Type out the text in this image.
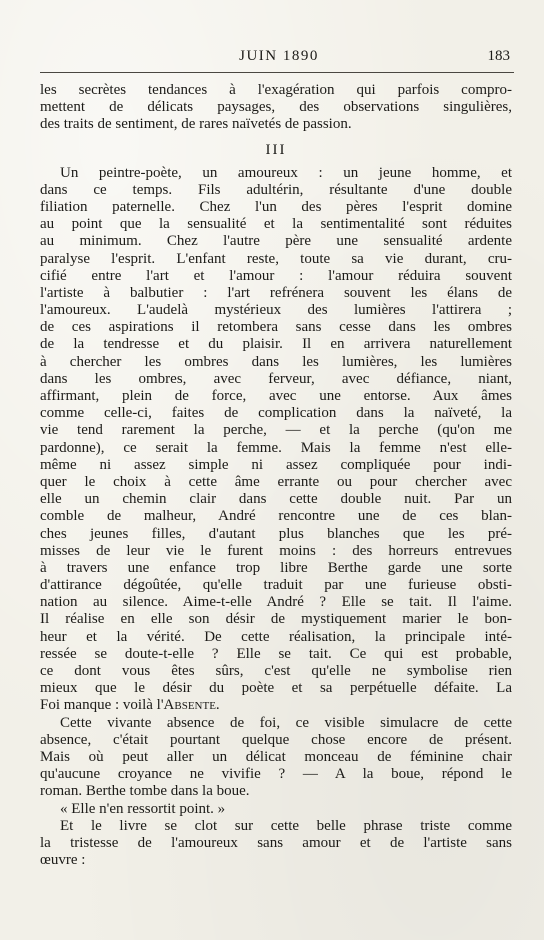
JUIN 1890	183
les secrètes tendances à l'exagération qui parfois compro-
mettent de délicats paysages, des observations singulières,
des traits de sentiment, de rares naïvetés de passion.
III
Un peintre-poète, un amoureux : un jeune homme, et
dans ce temps. Fils adultérin, résultante d'une double
filiation paternelle. Chez l'un des pères l'esprit domine
au point que la sensualité et la sentimentalité sont réduites
au minimum. Chez l'autre père une sensualité ardente
paralyse l'esprit. L'enfant reste, toute sa vie durant, cru-
cifié entre l'art et l'amour : l'amour réduira souvent
l'artiste à balbutier : l'art refrénera souvent les élans de
l'amoureux. L'audelà mystérieux des lumières l'attirera ;
de ces aspirations il retombera sans cesse dans les ombres
de la tendresse et du plaisir. Il en arrivera naturellement
à chercher les ombres dans les lumières, les lumières
dans les ombres, avec ferveur, avec défiance, niant,
affirmant, plein de force, avec une entorse. Aux âmes
comme celle-ci, faites de complication dans la naïveté, la
vie tend rarement la perche, — et la perche (qu'on me
pardonne), ce serait la femme. Mais la femme n'est elle-
même ni assez simple ni assez compliquée pour indi-
quer le choix à cette âme errante ou pour chercher avec
elle un chemin clair dans cette double nuit. Par un
comble de malheur, André rencontre une de ces blan-
ches jeunes filles, d'autant plus blanches que les pré-
misses de leur vie le furent moins : des horreurs entrevues
à travers une enfance trop libre Berthe garde une sorte
d'attirance dégoûtée, qu'elle traduit par une furieuse obsti-
nation au silence. Aime-t-elle André ? Elle se tait. Il l'aime.
Il réalise en elle son désir de mystiquement marier le bon-
heur et la vérité. De cette réalisation, la principale inté-
ressée se doute-t-elle ? Elle se tait. Ce qui est probable,
ce dont vous êtes sûrs, c'est qu'elle ne symbolise rien
mieux que le désir du poète et sa perpétuelle défaite. La
Foi manque : voilà l'Absente.
Cette vivante absence de foi, ce visible simulacre de cette
absence, c'était pourtant quelque chose encore de présent.
Mais où peut aller un délicat monceau de féminine chair
qu'aucune croyance ne vivifie ? — A la boue, répond le
roman. Berthe tombe dans la boue.
« Elle n'en ressortit point. »
Et le livre se clot sur cette belle phrase triste comme
la tristesse de l'amoureux sans amour et de l'artiste sans
œuvre :
